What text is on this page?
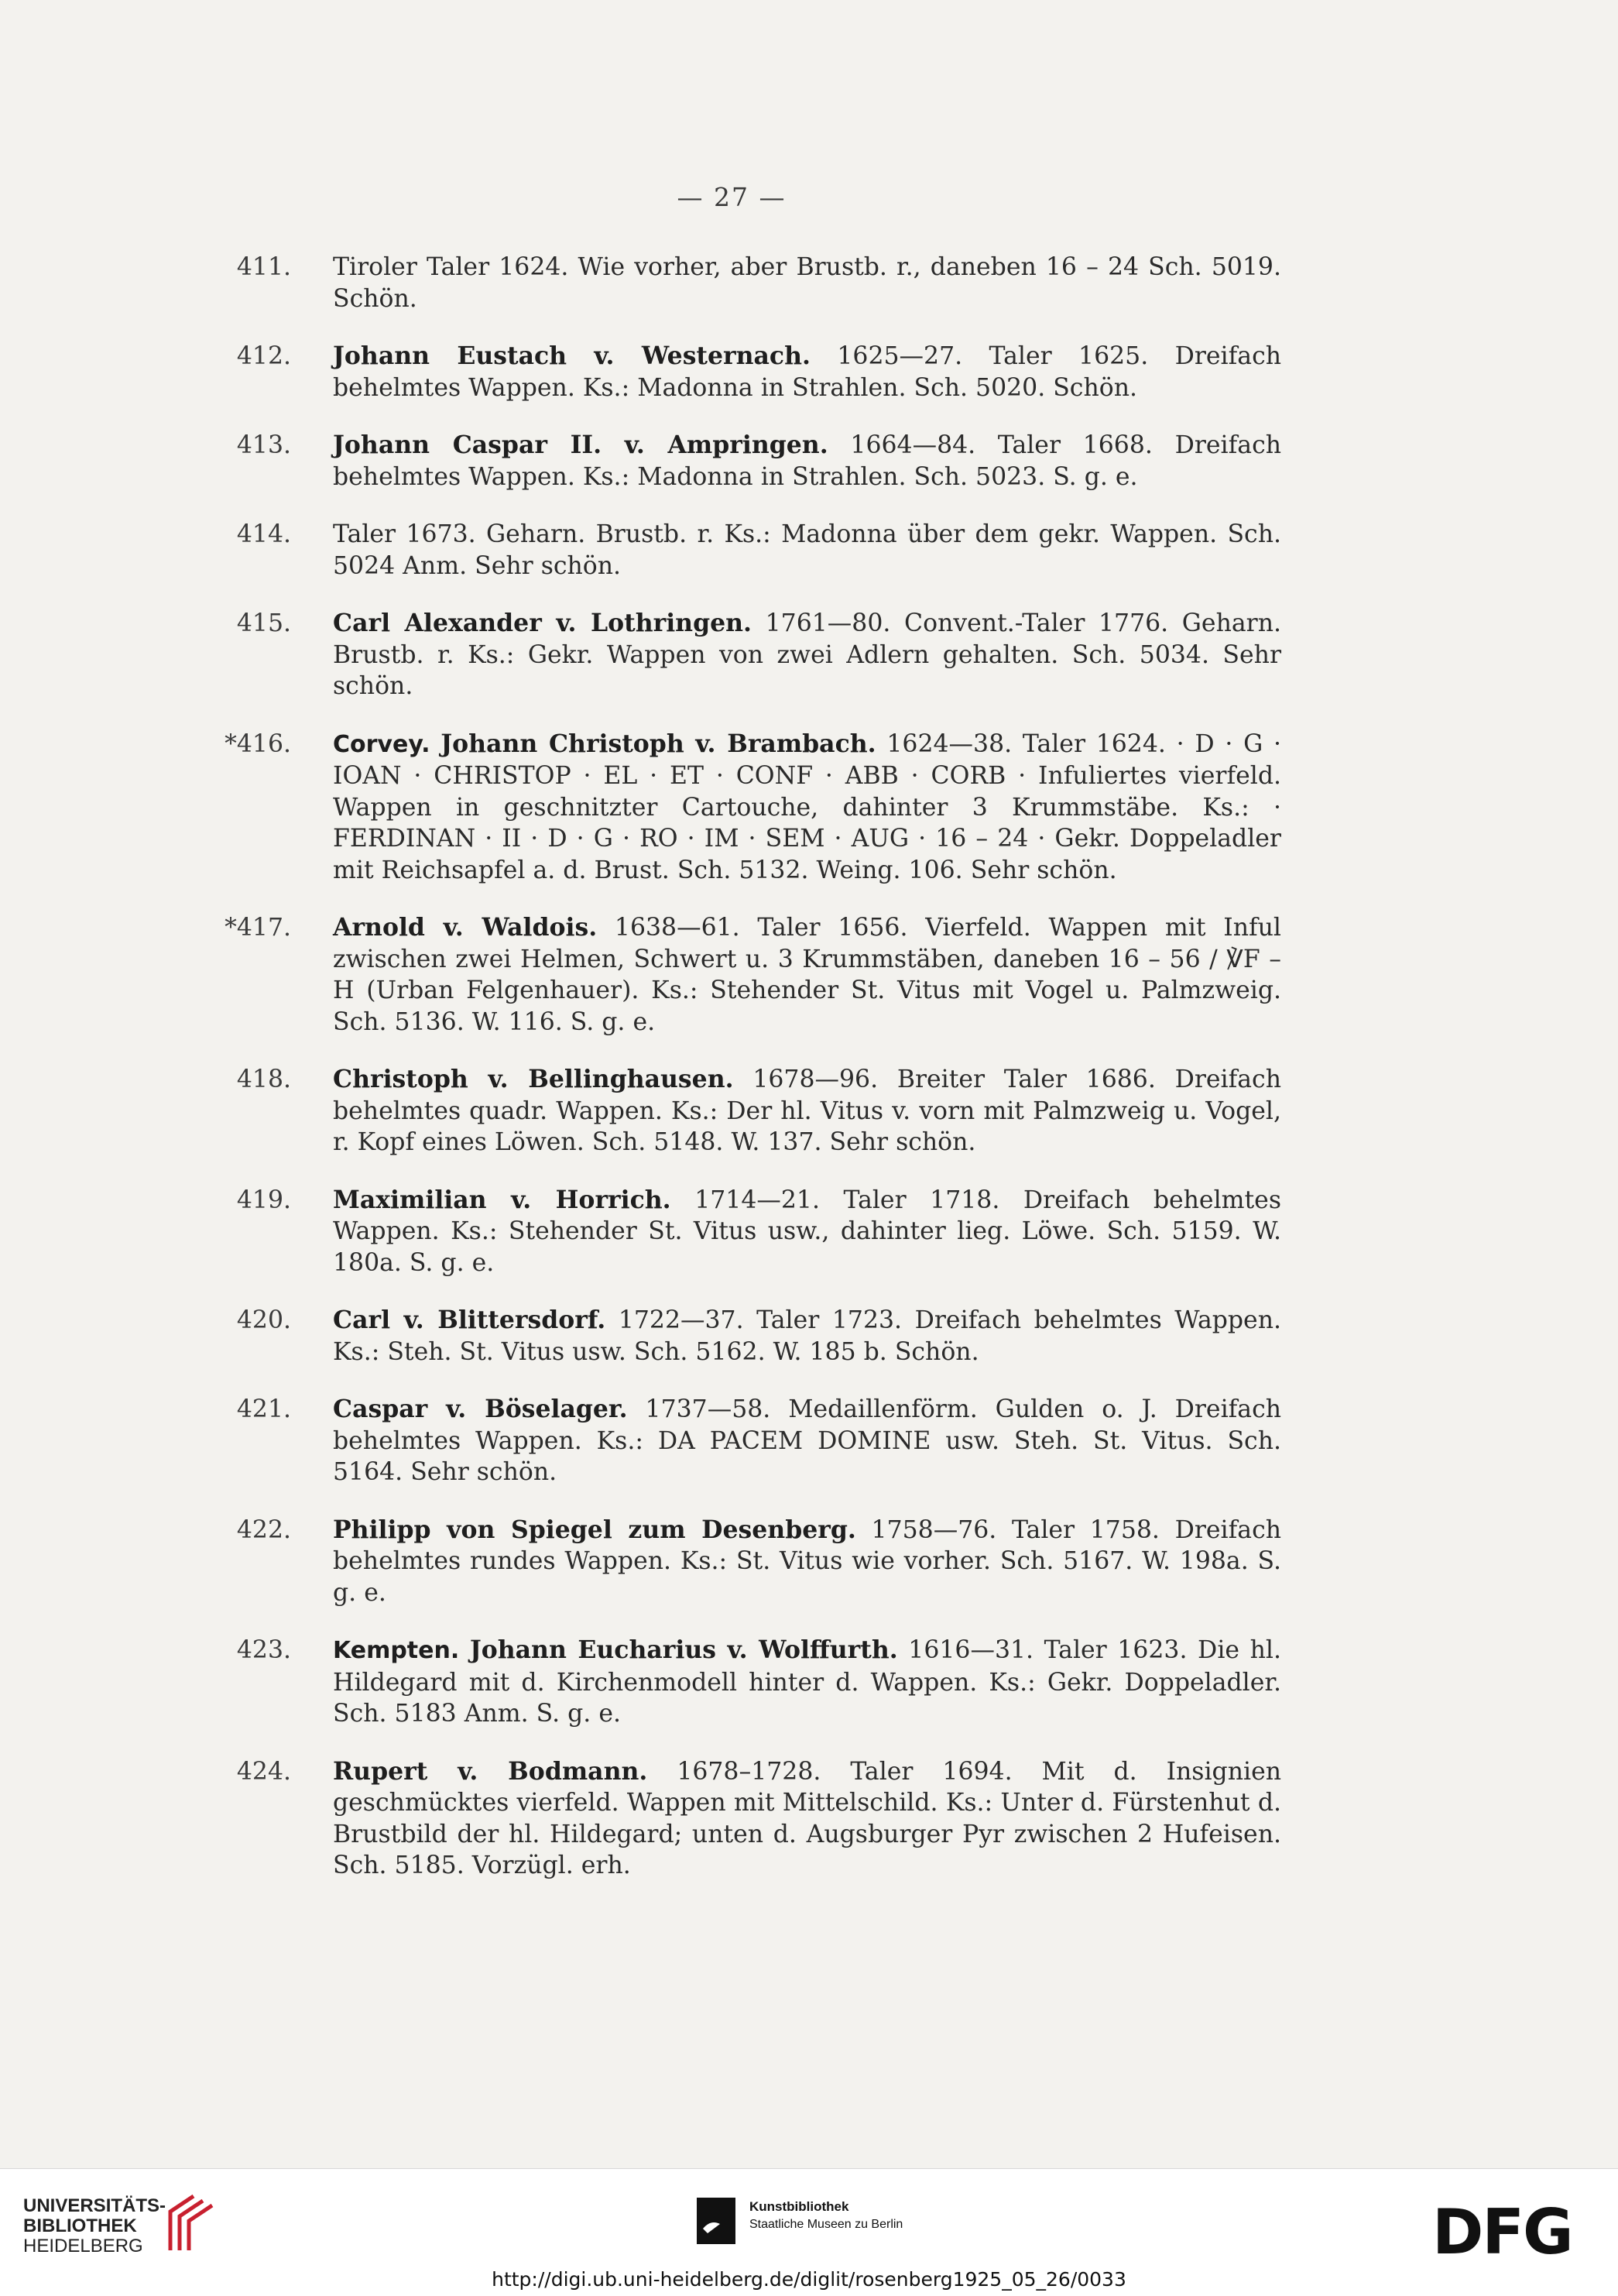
— 27 —
411. Tiroler Taler 1624. Wie vorher, aber Brustb. r., daneben 16 – 24 Sch. 5019. Schön.
412. Johann Eustach v. Westernach. 1625—27. Taler 1625. Dreifach behelmtes Wappen. Ks.: Madonna in Strahlen. Sch. 5020. Schön.
413. Johann Caspar II. v. Ampringen. 1664—84. Taler 1668. Dreifach behelmtes Wappen. Ks.: Madonna in Strahlen. Sch. 5023. S. g. e.
414. Taler 1673. Geharn. Brustb. r. Ks.: Madonna über dem gekr. Wappen. Sch. 5024 Anm. Sehr schön.
415. Carl Alexander v. Lothringen. 1761—80. Convent.-Taler 1776. Geharn. Brustb. r. Ks.: Gekr. Wappen von zwei Adlern gehalten. Sch. 5034. Sehr schön.
*416. Corvey. Johann Christoph v. Brambach. 1624—38. Taler 1624. · D · G · IOAN · CHRISTOP · EL · ET · CONF · ABB · CORB · Infuliertes vierfeld. Wappen in geschnitzter Cartouche, dahinter 3 Krummstäbe. Ks.: · FERDINAN · II · D · G · RO · IM · SEM · AUG · 16 – 24 · Gekr. Doppeladler mit Reichsapfel a. d. Brust. Sch. 5132. Weing. 106. Sehr schön.
*417. Arnold v. Waldois. 1638—61. Taler 1656. Vierfeld. Wappen mit Inful zwischen zwei Helmen, Schwert u. 3 Krummstäben, daneben 16 – 56 / ℣F – H (Urban Felgenhauer). Ks.: Stehender St. Vitus mit Vogel u. Palmzweig. Sch. 5136. W. 116. S. g. e.
418. Christoph v. Bellinghausen. 1678—96. Breiter Taler 1686. Dreifach behelmtes quadr. Wappen. Ks.: Der hl. Vitus v. vorn mit Palmzweig u. Vogel, r. Kopf eines Löwen. Sch. 5148. W. 137. Sehr schön.
419. Maximilian v. Horrich. 1714—21. Taler 1718. Dreifach behelmtes Wappen. Ks.: Stehender St. Vitus usw., dahinter lieg. Löwe. Sch. 5159. W. 180a. S. g. e.
420. Carl v. Blittersdorf. 1722—37. Taler 1723. Dreifach behelmtes Wappen. Ks.: Steh. St. Vitus usw. Sch. 5162. W. 185 b. Schön.
421. Caspar v. Böselager. 1737—58. Medaillenförm. Gulden o. J. Dreifach behelmtes Wappen. Ks.: DA PACEM DOMINE usw. Steh. St. Vitus. Sch. 5164. Sehr schön.
422. Philipp von Spiegel zum Desenberg. 1758—76. Taler 1758. Dreifach behelmtes rundes Wappen. Ks.: St. Vitus wie vorher. Sch. 5167. W. 198a. S. g. e.
423. Kempten. Johann Eucharius v. Wolffurth. 1616—31. Taler 1623. Die hl. Hildegard mit d. Kirchenmodell hinter d. Wappen. Ks.: Gekr. Doppeladler. Sch. 5183 Anm. S. g. e.
424. Rupert v. Bodmann. 1678–1728. Taler 1694. Mit d. Insignien geschmücktes vierfeld. Wappen mit Mittelschild. Ks.: Unter d. Fürstenhut d. Brustbild der hl. Hildegard; unten d. Augsburger Pyr zwischen 2 Hufeisen. Sch. 5185. Vorzügl. erh.
UNIVERSITÄTS-
BIBLIOTHEK
HEIDELBERG
Kunstbibliothek
Staatliche Museen zu Berlin	DFG
http://digi.ub.uni-heidelberg.de/diglit/rosenberg1925_05_26/0033
